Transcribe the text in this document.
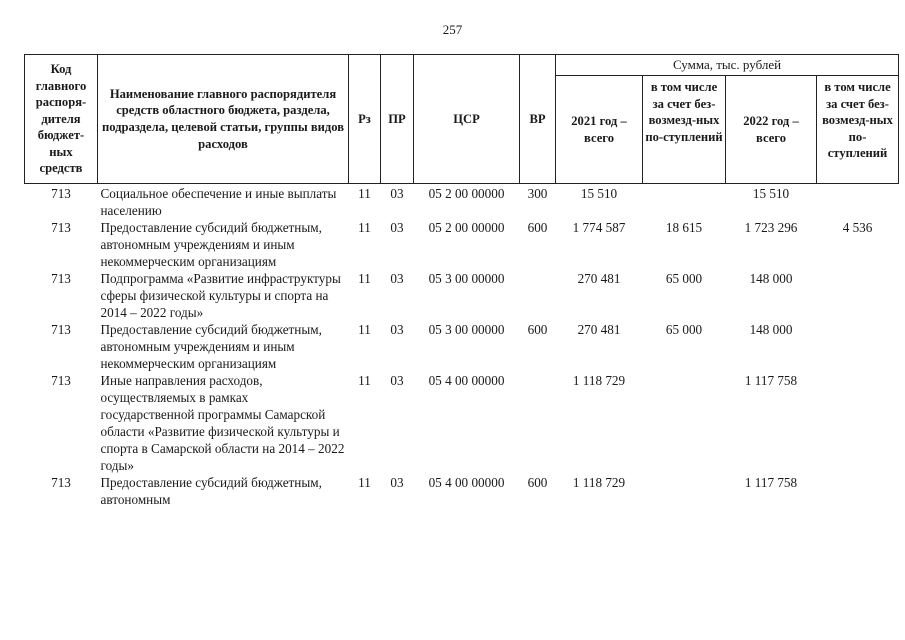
257
Код главного распоря-дителя бюджет-ных средств	Наименование главного распорядителя средств областного бюджета, раздела, подраздела, целевой статьи, группы видов расходов	Рз	ПР	ЦСР	ВР	Сумма, тыс. рублей			
						2021 год – всего	в том числе за счет без-возмезд-ных по-ступлений	2022 год – всего	в том числе за счет без-возмезд-ных по-ступлений
713	Социальное обеспечение и иные выплаты населению	11	03	05 2 00 00000	300	15 510		15 510	
713	Предоставление субсидий бюджетным, автономным учреждениям и иным некоммерческим организациям	11	03	05 2 00 00000	600	1 774 587	18 615	1 723 296	4 536
713	Подпрограмма «Развитие инфраструктуры сферы физической культуры и спорта на 2014 – 2022 годы»	11	03	05 3 00 00000		270 481	65 000	148 000	
713	Предоставление субсидий бюджетным, автономным учреждениям и иным некоммерческим организациям	11	03	05 3 00 00000	600	270 481	65 000	148 000	
713	Иные направления расходов, осуществляемых в рамках государственной программы Самарской области «Развитие физической культуры и спорта в Самарской области на 2014 – 2022 годы»	11	03	05 4 00 00000		1 118 729		1 117 758	
713	Предоставление субсидий бюджетным, автономным	11	03	05 4 00 00000	600	1 118 729		1 117 758	
